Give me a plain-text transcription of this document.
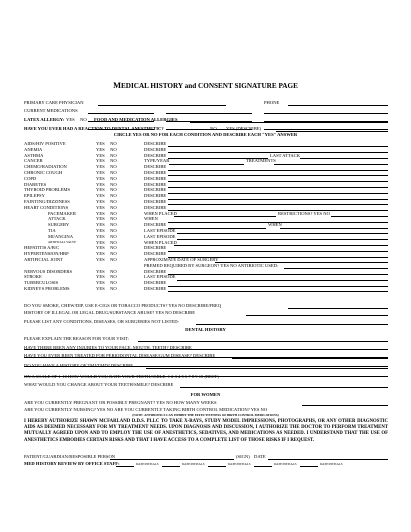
MEDICAL HISTORY and CONSENT SIGNATURE PAGE
PRIMARY CARE PHYSICIAN	PHONE
CURRENT MEDICATIONS
LATEX ALLERGY: YES NO FOOD AND MEDICATION ALLERGIES
HAVE YOU EVER HAD A REACTION TO DENTAL ANESTHETIC?	NO YES (DESCRIBE)
CIRCLE YES OR NO FOR EACH CONDITION AND DESCRIBE EACH "YES" ANSWER
AIDS/HIV POSITIVE	YES NO	DESCRIBE
ANEMIA	YES NO	DESCRIBE
ASTHMA	YES NO	DESCRIBE	LAST ATTACK
CANCER	YES NO	TYPE/YEAR	TREATMENTS
CHEMO/RADIATION	YES NO	DESCRIBE
CHRONIC COUGH	YES NO	DESCRIBE
COPD	YES NO	DESCRIBE
DIABETES	YES NO	DESCRIBE
THYROID PROBLEMS	YES NO	DESCRIBE
EPILEPSY	YES NO	DESCRIBE
FAINTING/DIZZINESS	YES NO	DESCRIBE
HEART CONDITIONS	YES NO	DESCRIBE
PACEMAKER	YES NO	WHEN PLACED	RESTRICTIONS? YES NO
ATTACK	YES NO	WHEN
SURGERY	YES NO	DESCRIBE	WHEN
TIA	YES NO	LAST EPISODE
MI/ANGINA	YES NO	LAST EPISODE
ARTIFICIAL VALVE	YES NO	WHEN PLACED
HEPATITIS A/B/C	YES NO	DESCRIBE
HYPERTENSION/HBP	YES NO	DESCRIBE
ARTIFICIAL JOINT	YES NO	APPROXIMATE DATE OF SURGERY
PREMED REQUIRED BY SURGEON? YES NO ANTIBIOTIC USED:
NERVOUS DISORDERS	YES NO	DESCRIBE
STROKE	YES NO	LAST EPISODE
TUBERCULOSIS	YES NO	DESCRIBE
KIDNEYS PROBLEMS	YES NO	DESCRIBE
DO YOU SMOKE, CHEW/DIP, USE E-CIGS OR TOBACCO PRODUCTS? YES NO DESCRIBE/FREQ
HISTORY OF ILLEGAL OR LEGAL DRUG/SUBSTANCE ABUSE? YES NO DESCRIBE
PLEASE LIST ANY CONDITIONS, DISEASES, OR SURGERIES NOT LISTED:
DENTAL HISTORY
PLEASE EXPLAIN THE REASON FOR YOUR VISIT:
HAVE THERE BEEN ANY INJURIES TO YOUR FACE, MOUTH, TEETH? DESCRIBE
HAVE YOU EVER BEEN TREATED FOR PERIODONTAL DISEASE/GUM DISEASE? DESCRIBE
DO YOU HAVE A HISTORY OF TMJ/TMD? DESCRIBE
ON A SCALE OF 1-10 HOW WOULD YOU RATE YOUR TEETH/SMILE: 1 2 3 4 5 6 7 8 9 10 (BEST)
WHAT WOULD YOU CHANGE ABOUT YOUR TEETH/SMILE? DESCRIBE
FOR WOMEN
ARE YOU CURRENTLY PREGNANT OR POSSIBLY PREGNANT? YES NO HOW MANY WEEKS
ARE YOU CURRENTLY NURSING? YES NO ARE YOU CURRENTLY TAKING BIRTH CONTROL MEDICATION? YES NO
(NOTE: ANTIBIOTICS CAN INHIBIT THE EFFECTIVENESS OF BIRTH CONTROL MEDICATIONS)
I HEREBY AUTHORIZE SHAWN MCFARLAND D.D.S. PLLC TO TAKE X-RAYS, STUDY MODEL IMPRESSIONS, PHOTOGRAPHS, OR ANY OTHER DIAGNOSTIC AIDS AS DEEMED NECESSARY FOR MY TREATMENT NEEDS. UPON DIAGNOSIS AND DISCUSSION, I AUTHORIZE THE DOCTOR TO PERFORM TREATMENT MUTUALLY AGREED UPON AND TO EMPLOY THE USE OF ANESTHETICS, SEDATIVES, AND MEDICATIONS AS NEEDED. I UNDERSTAND THAT THE USE OF ANESTHETICS EMBODIES CERTAIN RISKS AND THAT I HAVE ACCESS TO A COMPLETE LIST OF THOSE RISKS IF I REQUEST.
PATIENT/GUARDIAN/RESPOSIBLE PERSON	(SIGN) DATE
MED HISTORY REVIEW BY OFFICE STAFF:	DATE/INITIALS	DATE/INITIALS	DATE/INITIALS	DATE/INITIALS	DATE/INITIALS
